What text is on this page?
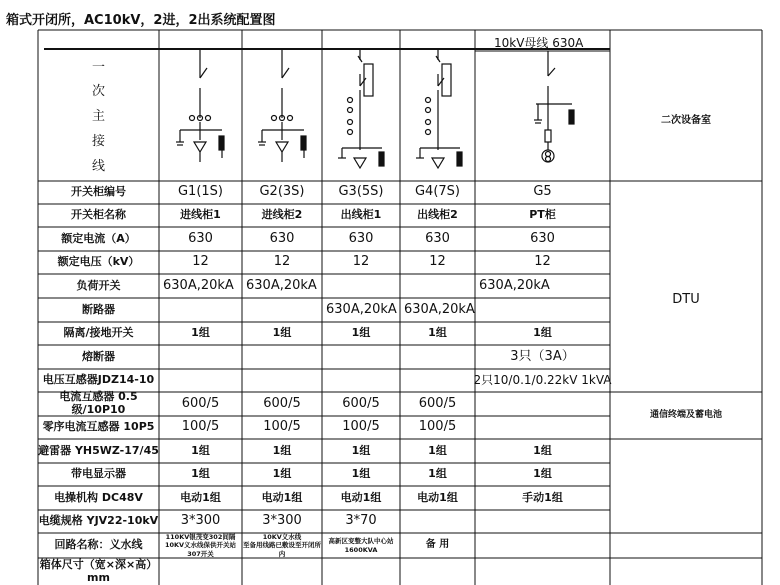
箱式开闭所，AC10kV，2进，2出系统配置图
一
次
主
接
线
二次设备室
DTU
通信终端及蓄电池
开关柜编号
开关柜名称
额定电流（A）
额定电压（kV）
负荷开关
断路器
隔离/接地开关
熔断器
电压互感器JDZ14-10
电流互感器 0.5级/10P10
零序电流互感器 10P5
避雷器 YH5WZ-17/45
带电显示器
电操机构 DC48V
电缆规格 YJV22-10kV
回路名称：义水线
箱体尺寸（宽×深×高）mm
G1(1S)
进线柜1
630
12
630A,20kA
1组
600/5
100/5
1组
1组
电动1组
3*300
110KV银茂变302间隔
10KV义水线保供开关站307开关
G2(3S)
进线柜2
630
12
630A,20kA
1组
600/5
100/5
1组
1组
电动1组
3*300
10KV义水线
至备用线路已敷设至开闭所内
G3(5S)
出线柜1
630
12
630A,20kA
1组
600/5
100/5
1组
1组
电动1组
3*70
高新区变整大队中心站
1600KVA
G4(7S)
出线柜2
630
12
630A,20kA
1组
600/5
100/5
1组
1组
电动1组
备 用
G5
PT柜
630
12
630A,20kA
1组
3只（3A）
2只10/0.1/0.22kV 1kVA
1组
1组
手动1组
10kV母线 630A
